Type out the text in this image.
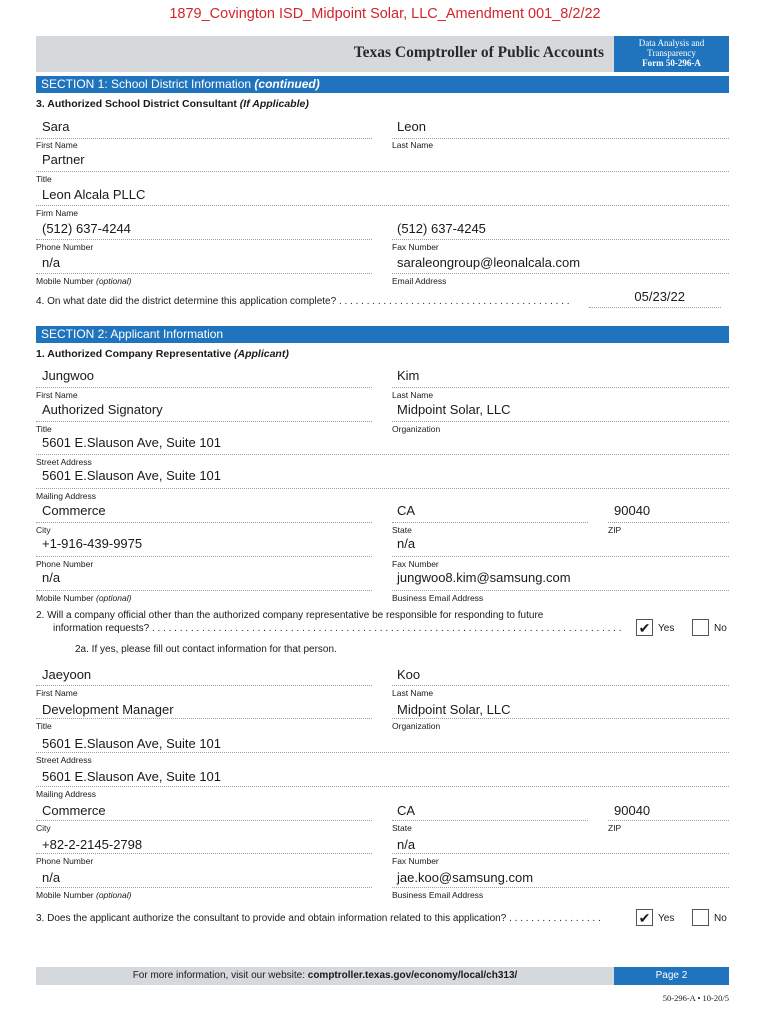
1879_Covington ISD_Midpoint Solar, LLC_Amendment 001_8/2/22
Texas Comptroller of Public Accounts
Data Analysis and
Transparency
Form 50-296-A
SECTION 1: School District Information (continued)
3. Authorized School District Consultant (If Applicable)
Sara
First Name
Leon
Last Name
Partner
Title
Leon Alcala PLLC
Firm Name
(512) 637-4244
Phone Number
(512) 637-4245
Fax Number
n/a
Mobile Number (optional)
saraleongroup@leonalcala.com
Email Address
4. On what date did the district determine this application complete? . . . . . . . . . . . . . . . . . . . . . . . . . . . . . . . . . . . . . . . . . .	05/23/22
SECTION 2: Applicant Information
1. Authorized Company Representative (Applicant)
Jungwoo
First Name
Kim
Last Name
Authorized Signatory
Title
Midpoint Solar, LLC
Organization
5601 E.Slauson Ave, Suite 101
Street Address
5601 E.Slauson Ave, Suite 101
Mailing Address
Commerce
City
CA
State
90040
ZIP
+1-916-439-9975
Phone Number
n/a
Fax Number
n/a
Mobile Number (optional)
jungwoo8.kim@samsung.com
Business Email Address
2. Will a company official other than the authorized company representative be responsible for responding to future
information requests? . . . . . . . . . . . . . . . . . . . . . . . . . . . . . . . . . . . . . . . . . . . . . . . . . . . . . . . . . . . . . . . . . . . . . . . . . . . . . . . . . . . . . ✔ Yes	No
2a. If yes, please fill out contact information for that person.
Jaeyoon
First Name
Koo
Last Name
Development Manager
Title
Midpoint Solar, LLC
Organization
5601 E.Slauson Ave, Suite 101
Street Address
5601 E.Slauson Ave, Suite 101
Mailing Address
Commerce
City
CA
State
90040
ZIP
+82-2-2145-2798
Phone Number
n/a
Fax Number
n/a
Mobile Number (optional)
jae.koo@samsung.com
Business Email Address
3. Does the applicant authorize the consultant to provide and obtain information related to this application? . . . . . . . . . . . . . . . . .	✔ Yes	No
For more information, visit our website: comptroller.texas.gov/economy/local/ch313/	Page 2
50-296-A • 10-20/5
